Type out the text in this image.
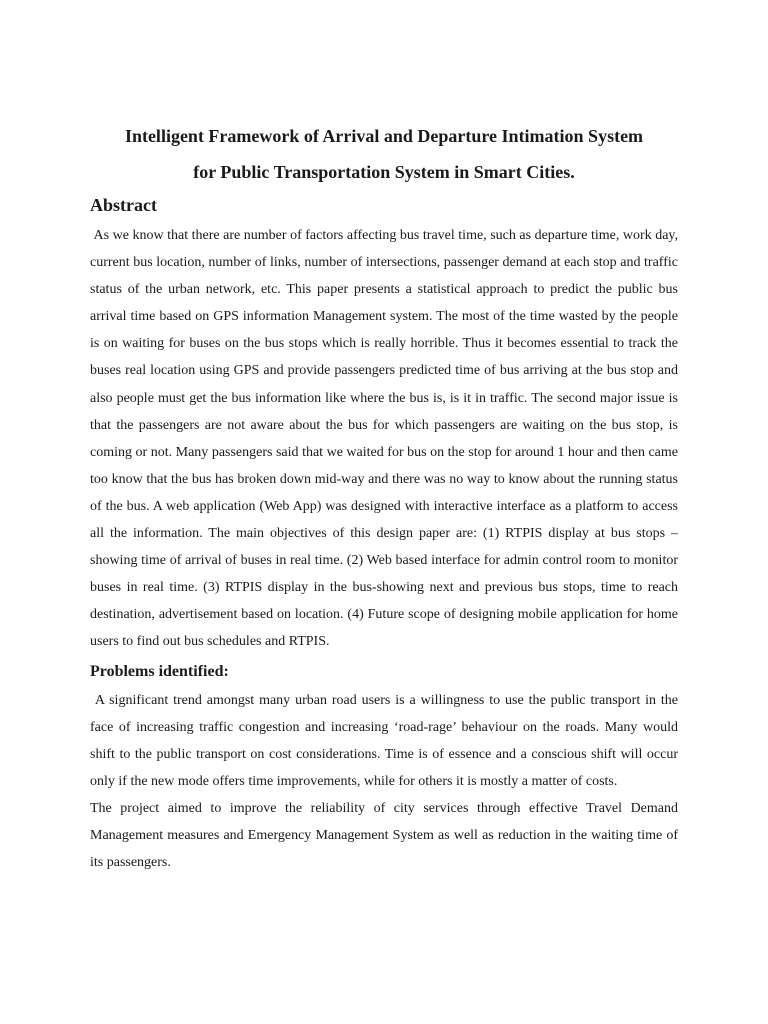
Intelligent Framework of Arrival and Departure Intimation System
for Public Transportation System in Smart Cities.
Abstract

As we know that there are number of factors affecting bus travel time, such as departure time, work day, current bus location, number of links, number of intersections, passenger demand at each stop and traffic status of the urban network, etc. This paper presents a statistical approach to predict the public bus arrival time based on GPS information Management system. The most of the time wasted by the people is on waiting for buses on the bus stops which is really horrible. Thus it becomes essential to track the buses real location using GPS and provide passengers predicted time of bus arriving at the bus stop and also people must get the bus information like where the bus is, is it in traffic. The second major issue is that the passengers are not aware about the bus for which passengers are waiting on the bus stop, is coming or not. Many passengers said that we waited for bus on the stop for around 1 hour and then came too know that the bus has broken down mid-way and there was no way to know about the running status of the bus. A web application (Web App) was designed with interactive interface as a platform to access all the information. The main objectives of this design paper are: (1) RTPIS display at bus stops – showing time of arrival of buses in real time. (2) Web based interface for admin control room to monitor buses in real time. (3) RTPIS display in the bus-showing next and previous bus stops, time to reach destination, advertisement based on location. (4) Future scope of designing mobile application for home users to find out bus schedules and RTPIS.

Problems identified:

A significant trend amongst many urban road users is a willingness to use the public transport in the face of increasing traffic congestion and increasing ‘road-rage’ behaviour on the roads. Many would shift to the public transport on cost considerations. Time is of essence and a conscious shift will occur only if the new mode offers time improvements, while for others it is mostly a matter of costs.

The project aimed to improve the reliability of city services through effective Travel Demand Management measures and Emergency Management System as well as reduction in the waiting time of its passengers.
